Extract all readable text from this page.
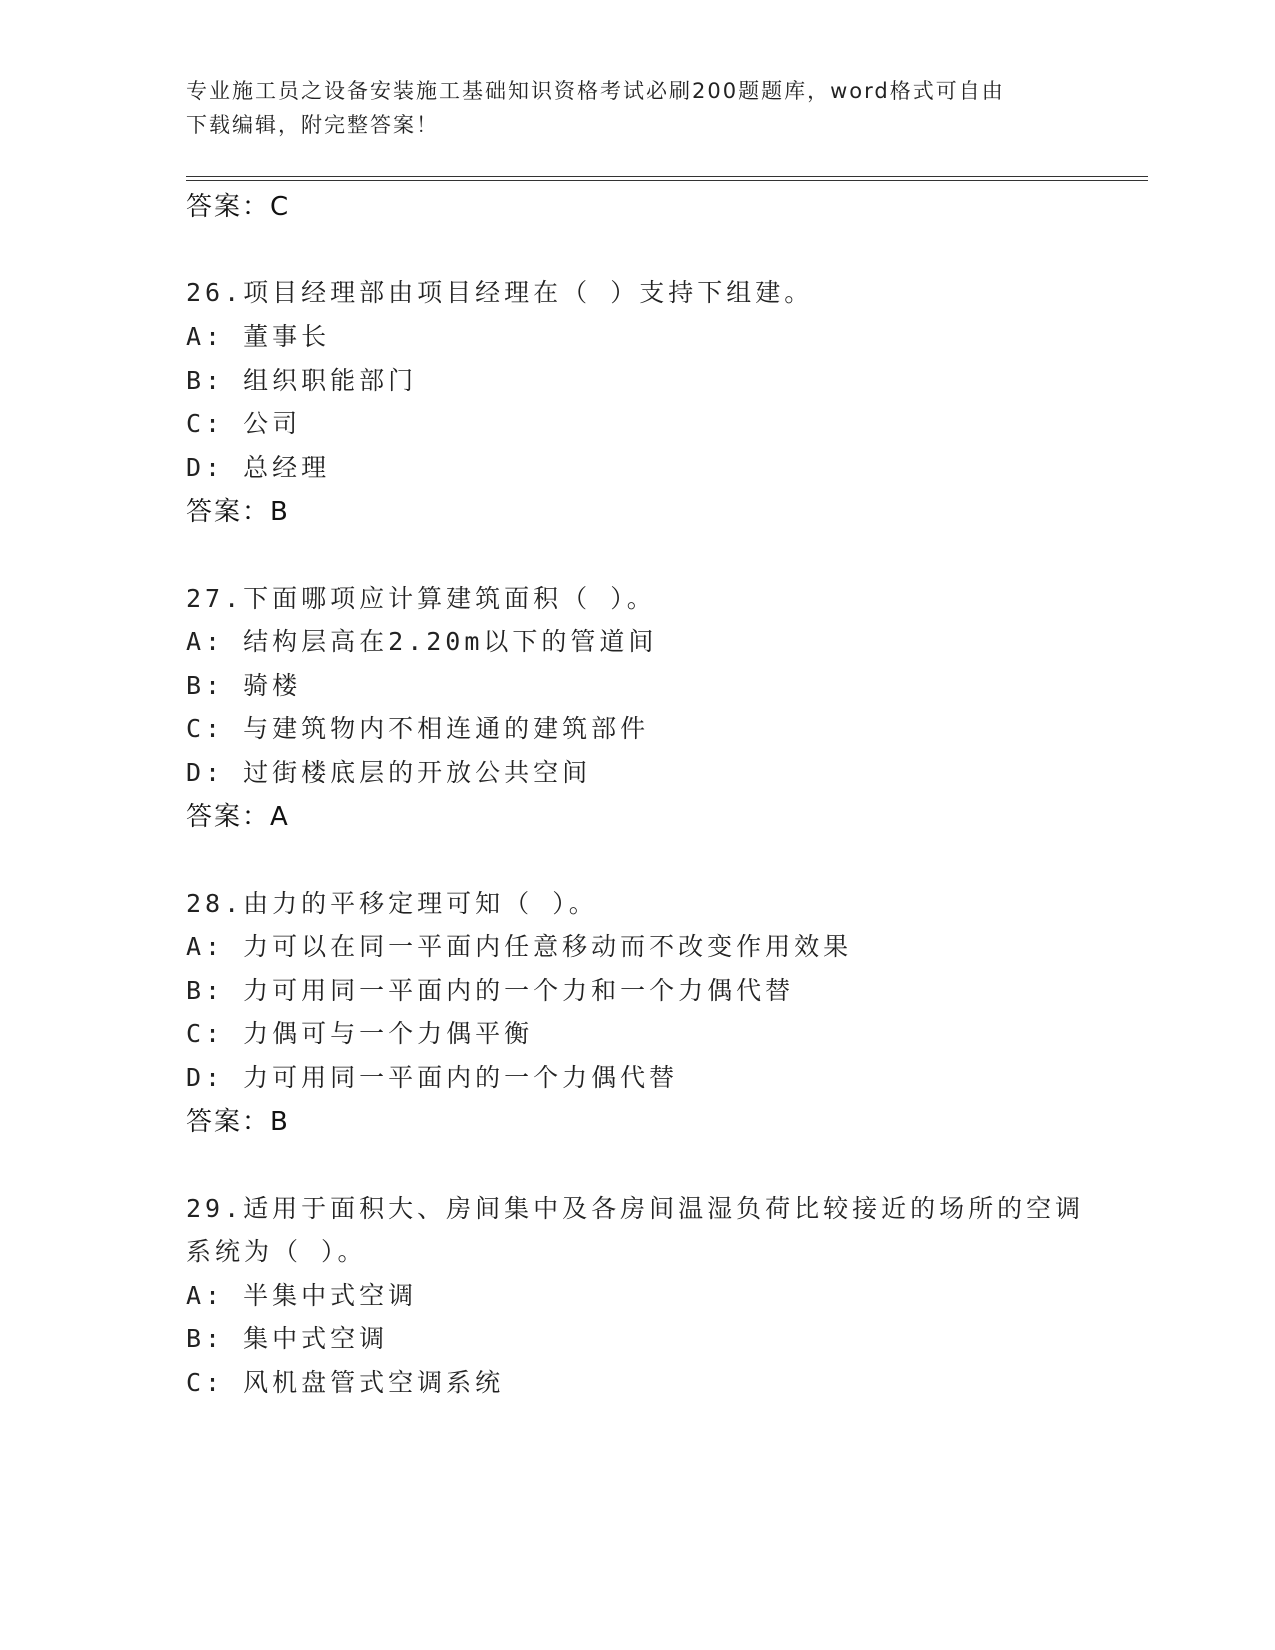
专业施工员之设备安装施工基础知识资格考试必刷200题题库，word格式可自由
下载编辑，附完整答案！
答案：C
26.项目经理部由项目经理在（ ）支持下组建。
A: 董事长
B: 组织职能部门
C: 公司
D: 总经理
答案：B
27.下面哪项应计算建筑面积（ ）。
A: 结构层高在2.20m以下的管道间
B: 骑楼
C: 与建筑物内不相连通的建筑部件
D: 过街楼底层的开放公共空间
答案：A
28.由力的平移定理可知（ ）。
A: 力可以在同一平面内任意移动而不改变作用效果
B: 力可用同一平面内的一个力和一个力偶代替
C: 力偶可与一个力偶平衡
D: 力可用同一平面内的一个力偶代替
答案：B
29.适用于面积大、房间集中及各房间温湿负荷比较接近的场所的空调
系统为（ ）。
A: 半集中式空调
B: 集中式空调
C: 风机盘管式空调系统
